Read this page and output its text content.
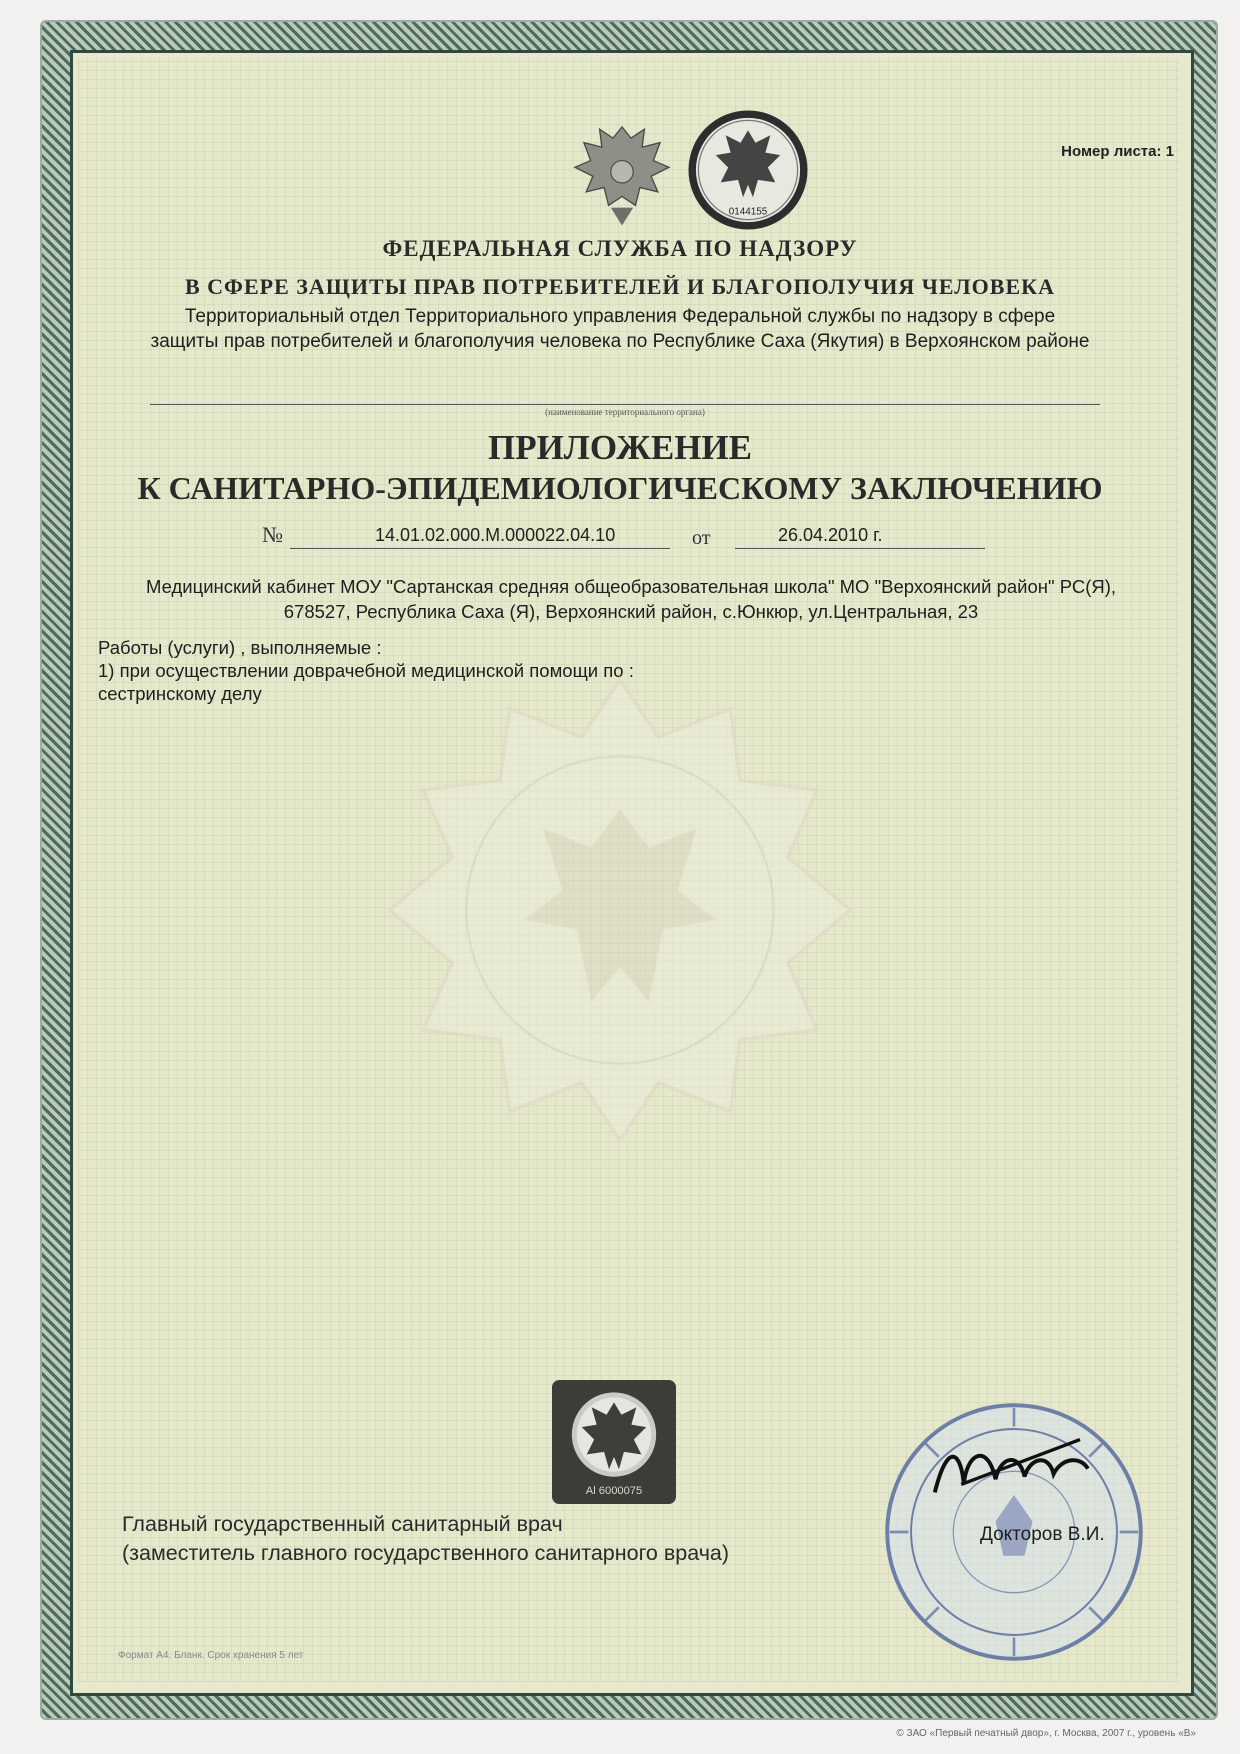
Номер листа: 1
0144155
ФЕДЕРАЛЬНАЯ СЛУЖБА ПО НАДЗОРУ
В СФЕРЕ ЗАЩИТЫ ПРАВ ПОТРЕБИТЕЛЕЙ И БЛАГОПОЛУЧИЯ ЧЕЛОВЕКА
Территориальный отдел Территориального управления Федеральной службы по надзору в сфере
защиты прав потребителей и благополучия человека по Республике Саха (Якутия) в Верхоянском районе
(наименование территориального органа)
ПРИЛОЖЕНИЕ
К САНИТАРНО-ЭПИДЕМИОЛОГИЧЕСКОМУ ЗАКЛЮЧЕНИЮ
№	14.01.02.000.М.000022.04.10	от	26.04.2010 г.
Медицинский кабинет МОУ "Сартанская средняя общеобразовательная школа" МО "Верхоянский район" РС(Я),
678527, Республика Саха (Я), Верхоянский район, с.Юнкюр, ул.Центральная, 23
Работы (услуги) , выполняемые :
1) при осуществлении доврачебной медицинской помощи по :
сестринскому делу
Al 6000075
Главный государственный санитарный врач
(заместитель главного государственного санитарного врача)
Доктоpов В.И.
Формат А4. Бланк. Срок хранения 5 лет
© ЗАО «Первый печатный двор», г. Москва, 2007 г., уровень «В»
